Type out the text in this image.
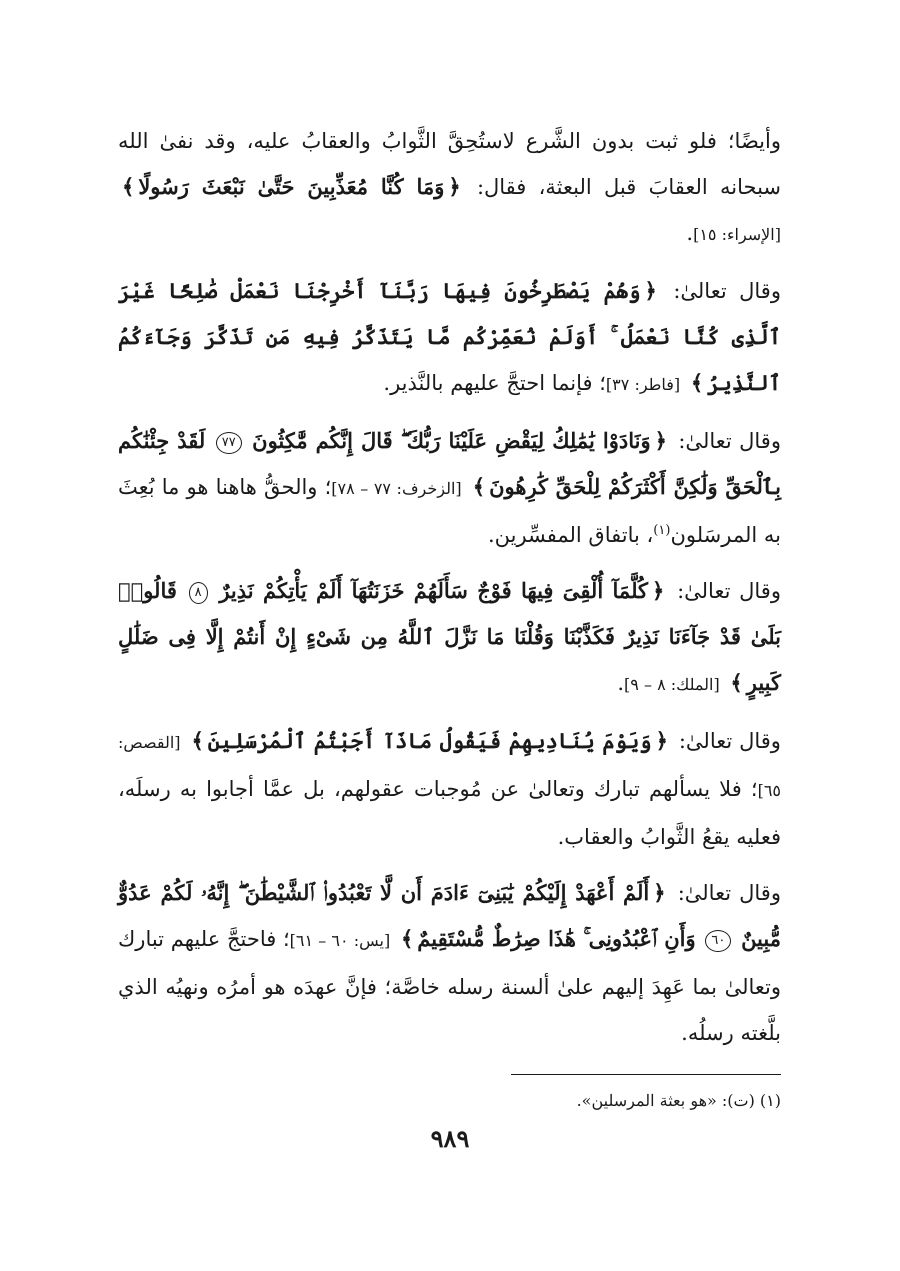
وأيضًا؛ فلو ثبت بدون الشَّرع لاستُحِقَّ الثَّوابُ والعقابُ عليه، وقد نفىٰ الله سبحانه العقابَ قبل البعثة، فقال: ﴿وَمَا كُنَّا مُعَذِّبِينَ حَتَّىٰ نَبْعَثَ رَسُولًا﴾ [الإسراء: ١٥].

وقال تعالىٰ: ﴿وَهُمْ يَصْطَرِخُونَ فِيهَا رَبَّنَآ أَخْرِجْنَا نَعْمَلْ صَٰلِحًا غَيْرَ ٱلَّذِى كُنَّا نَعْمَلُ ۚ أَوَلَمْ نُعَمِّرْكُم مَّا يَتَذَكَّرُ فِيهِ مَن تَذَكَّرَ وَجَآءَكُمُ ٱلنَّذِيرُ﴾ [فاطر: ٣٧]؛ فإنما احتجَّ عليهم بالنَّذير.

وقال تعالىٰ: ﴿وَنَادَوْا يَٰمَٰلِكُ لِيَقْضِ عَلَيْنَا رَبُّكَ ۖ قَالَ إِنَّكُم مَّٰكِثُونَ ٧٧ لَقَدْ جِئْنَٰكُم بِٱلْحَقِّ وَلَٰكِنَّ أَكْثَرَكُمْ لِلْحَقِّ كَٰرِهُونَ﴾ [الزخرف: ٧٧ – ٧٨]؛ والحقُّ هاهنا هو ما بُعِثَ به المرسَلون$^{(١)}$، باتفاق المفسِّرين.

وقال تعالىٰ: ﴿كُلَّمَآ أُلْقِىَ فِيهَا فَوْجٌ سَأَلَهُمْ خَزَنَتُهَآ أَلَمْ يَأْتِكُمْ نَذِيرٌ ٨ قَالُوا۟ بَلَىٰ قَدْ جَآءَنَا نَذِيرٌ فَكَذَّبْنَا وَقُلْنَا مَا نَزَّلَ ٱللَّهُ مِن شَىْءٍ إِنْ أَنتُمْ إِلَّا فِى ضَلَٰلٍ كَبِيرٍ﴾ [الملك: ٨ – ٩].

وقال تعالىٰ: ﴿وَيَوْمَ يُنَادِيهِمْ فَيَقُولُ مَاذَآ أَجَبْتُمُ ٱلْمُرْسَلِينَ﴾ [القصص: ٦٥]؛ فلا يسألهم تبارك وتعالىٰ عن مُوجبات عقولهم، بل عمَّا أجابوا به رسلَه، فعليه يقعُ الثَّوابُ والعقاب.

وقال تعالىٰ: ﴿أَلَمْ أَعْهَدْ إِلَيْكُمْ يَٰبَنِىٓ ءَادَمَ أَن لَّا تَعْبُدُوا۟ ٱلشَّيْطَٰنَ ۖ إِنَّهُۥ لَكُمْ عَدُوٌّ مُّبِينٌ ٦٠ وَأَنِ ٱعْبُدُونِى ۚ هَٰذَا صِرَٰطٌ مُّسْتَقِيمٌ﴾ [يس: ٦٠ – ٦١]؛ فاحتجَّ عليهم تبارك وتعالىٰ بما عَهِدَ إليهم علىٰ ألسنة رسله خاصَّة؛ فإنَّ عهدَه هو أمرُه ونهيُه الذي بلَّغته رسلُه.

(١) (ت): «هو بعثة المرسلين».
٩٨٩
